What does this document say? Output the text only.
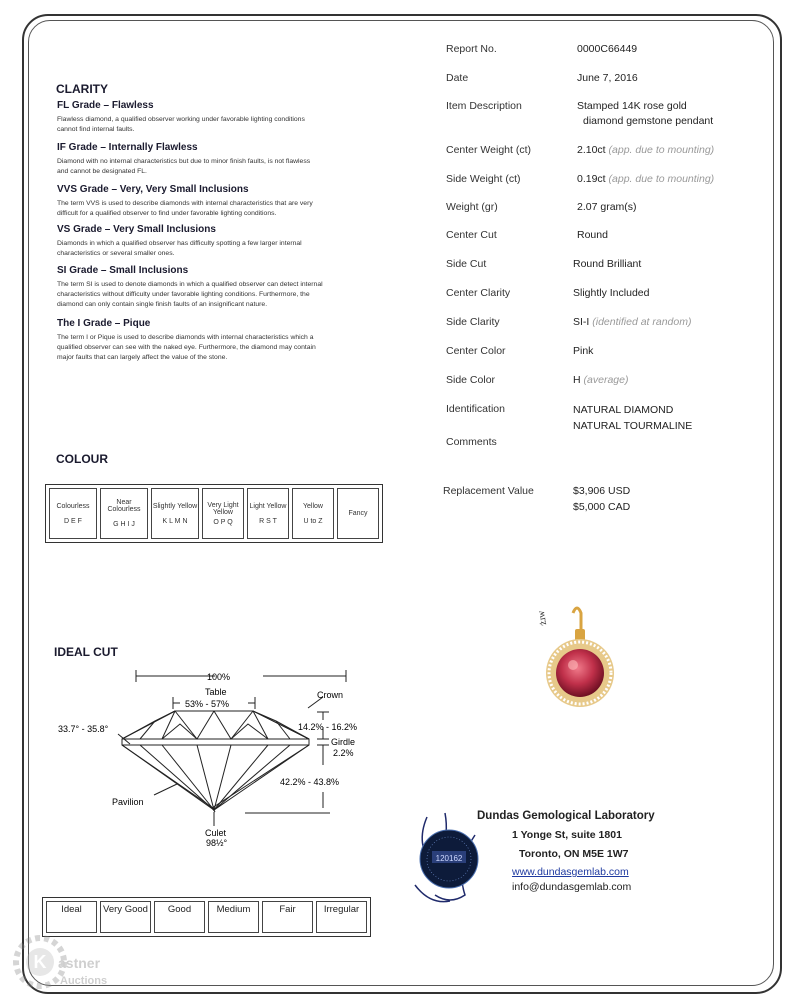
CLARITY
FL Grade – Flawless
Flawless diamond, a qualified observer working under favorable lighting conditions
cannot find internal faults.
IF Grade – Internally Flawless
Diamond with no internal characteristics but due to minor finish faults, is not flawless
and cannot be designated FL.
VVS Grade – Very, Very Small Inclusions
The term VVS is used to describe diamonds with internal characteristics that are very
difficult for a qualified observer to find under favorable lighting conditions.
VS Grade – Very Small Inclusions
Diamonds in which a qualified observer has difficulty spotting a few larger internal
characteristics or several smaller ones.
SI Grade – Small Inclusions
The term SI is used to denote diamonds in which a qualified observer can detect internal
characteristics without difficulty under favorable lighting conditions. Furthermore, the
diamond can only contain single finish faults of an insignificant nature.
The I Grade – Pique
The term I or Pique is used to describe diamonds with internal characteristics which a
qualified observer can see with the naked eye. Furthermore, the diamond may contain
major faults that can largely affect the value of the stone.
Report No.	0000C66449
Date	June 7, 2016
Item Description	Stamped 14K rose gold
diamond gemstone pendant
Center Weight (ct)	2.10ct (app. due to mounting)
Side Weight (ct)	0.19ct (app. due to mounting)
Weight (gr)	2.07 gram(s)
Center Cut	Round
Side Cut	Round Brilliant
Center Clarity	Slightly Included
Side Clarity	SI-I (identified at random)
Center Color	Pink
Side Color	H (average)
Identification	NATURAL DIAMOND
NATURAL TOURMALINE
Comments
Replacement Value	$3,906 USD
$5,000 CAD
COLOUR
Colourless
D E F

Near Colourless
G H I J

Slightly Yellow
K L M N

Very Light Yellow
O P Q

Light Yellow
R S T

Yellow
U to Z

Fancy

IDEAL CUT
100%
Table
53% - 57%
Crown
33.7° - 35.8°	14.2% - 16.2%
Girdle
2.2%
42.2% - 43.8%
Pavilion
Culet
98½°
Ideal	Very Good	Good	Medium	Fair	Irregular
ʍrẓ
120162
Dundas Gemological Laboratory
1 Yonge St, suite 1801
Toronto, ON M5E 1W7
www.dundasgemlab.com
info@dundasgemlab.com
K astner
Auctions
